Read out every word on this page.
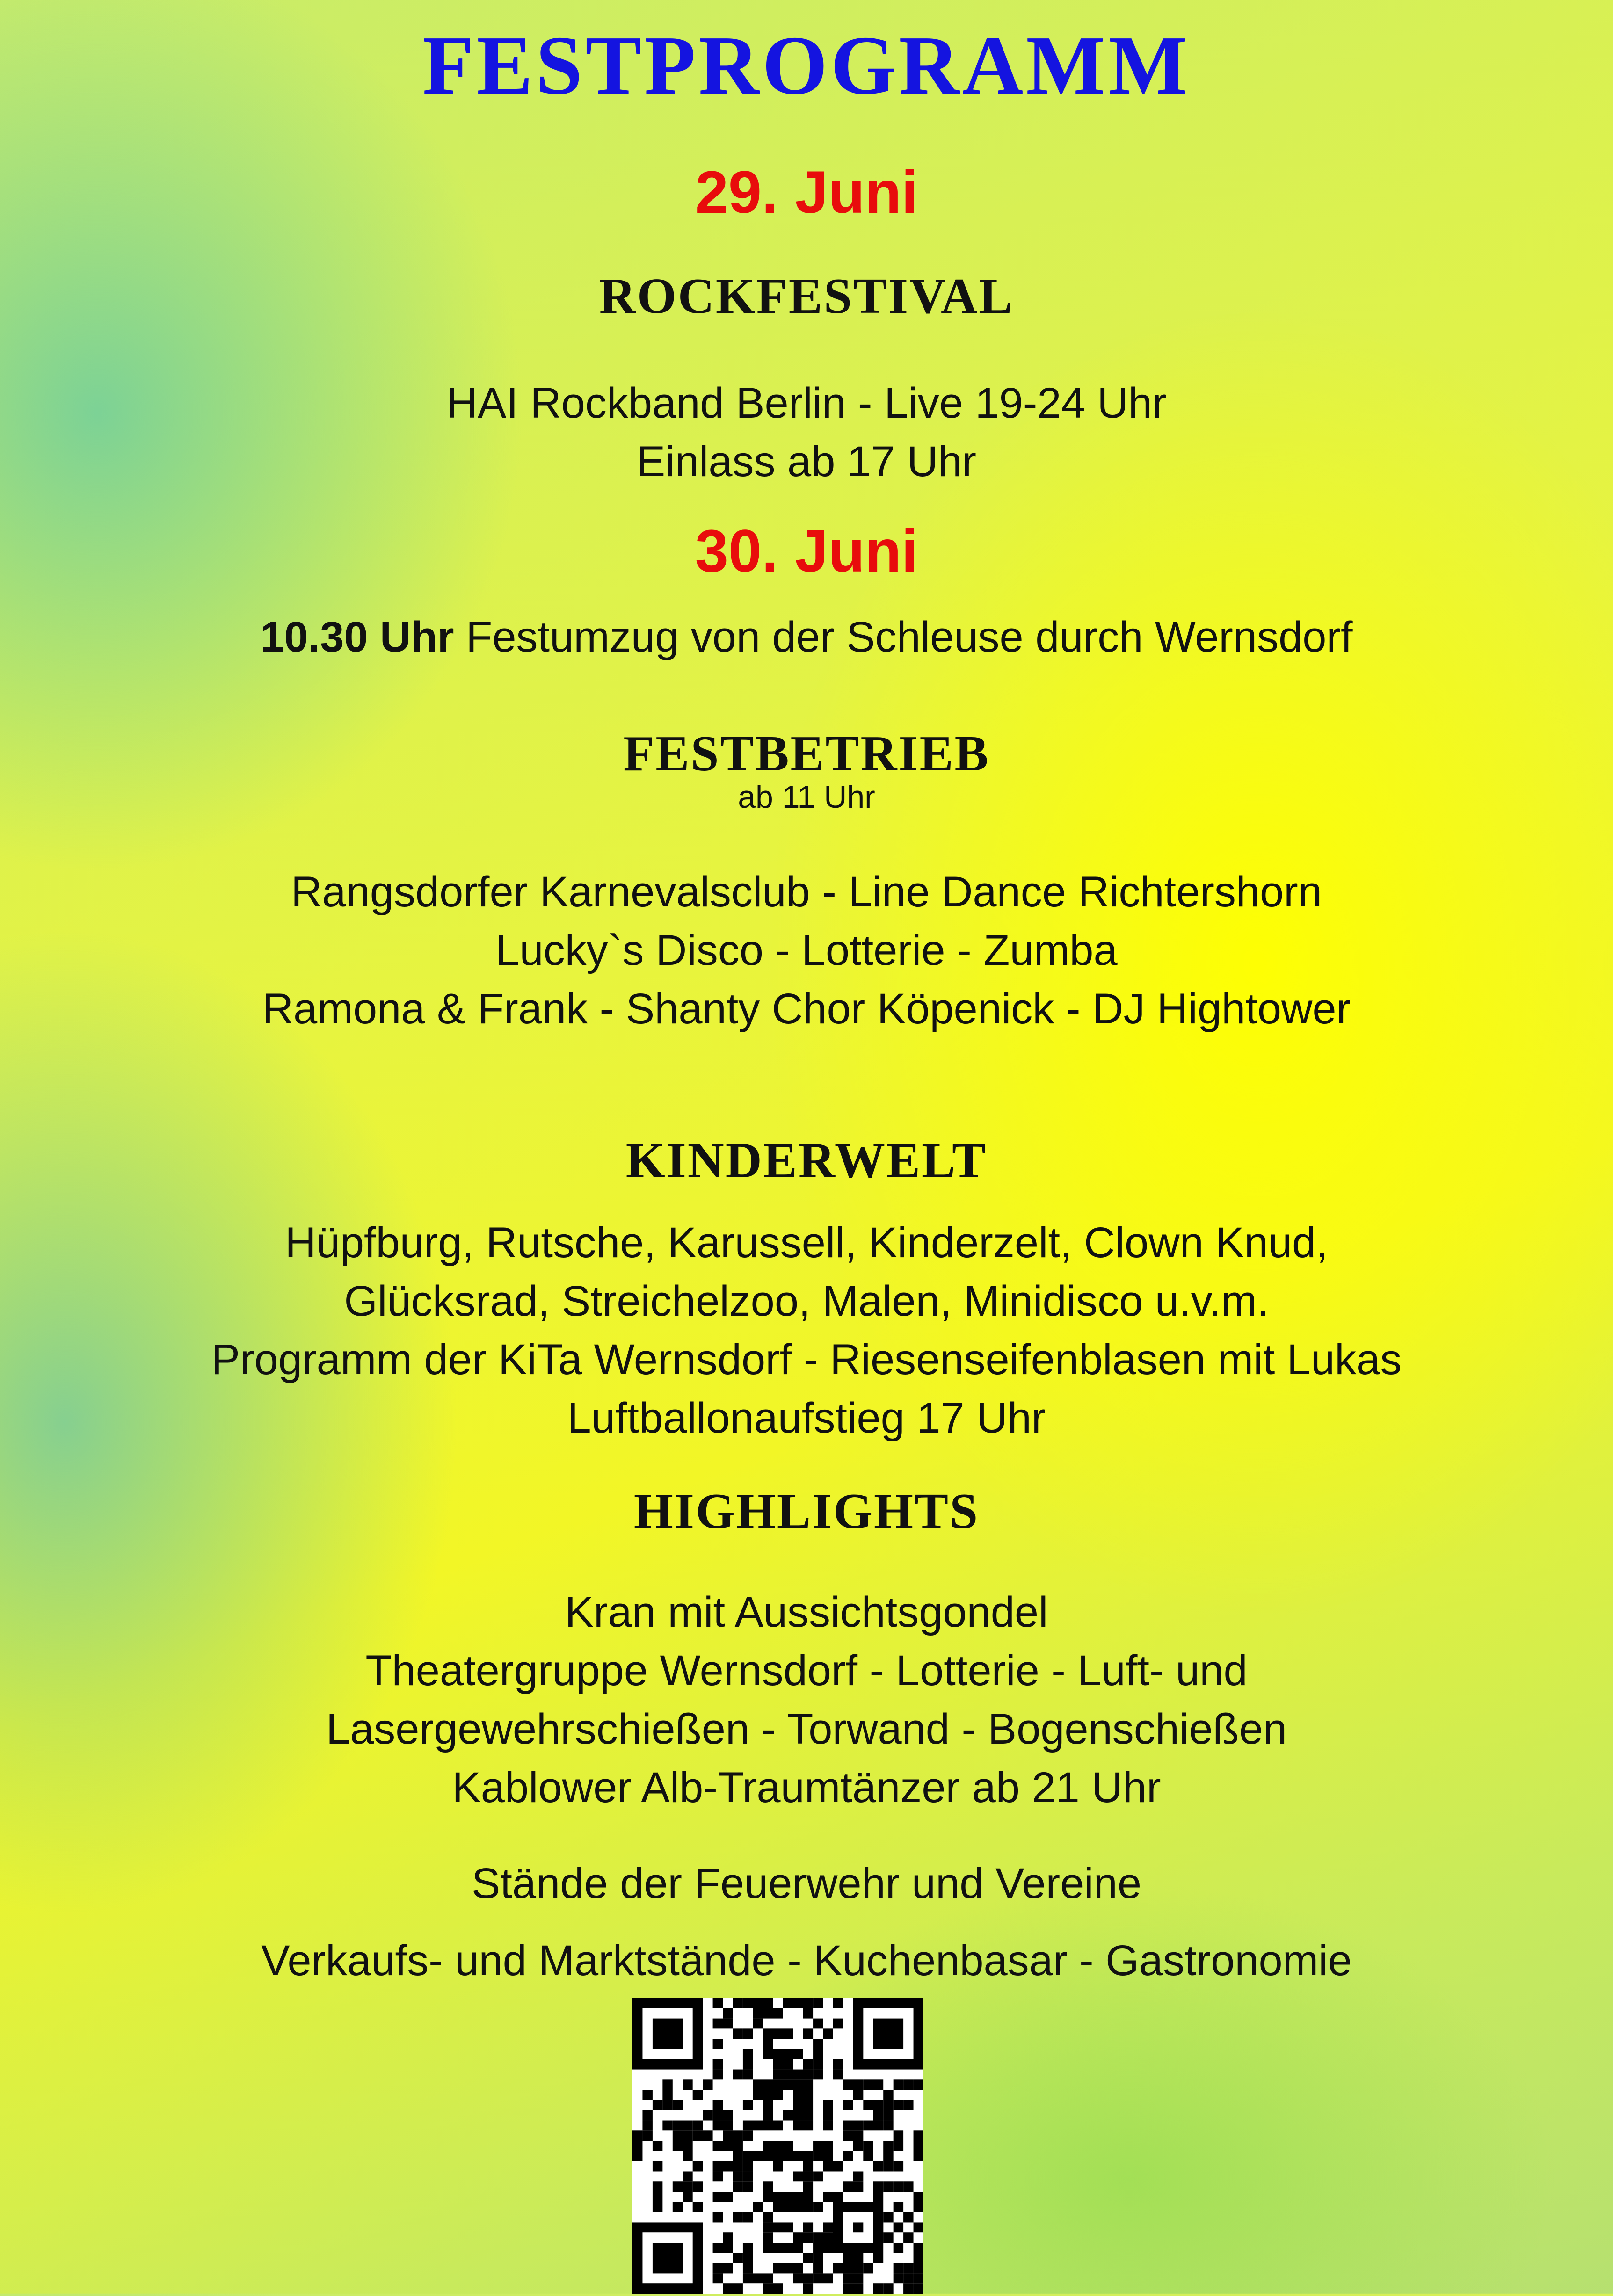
FESTPROGRAMM
29. Juni
ROCKFESTIVAL
HAI Rockband Berlin - Live 19-24 Uhr
Einlass ab 17 Uhr
30. Juni
10.30 Uhr Festumzug von der Schleuse durch Wernsdorf
FESTBETRIEB
ab 11 Uhr
Rangsdorfer Karnevalsclub - Line Dance Richtershorn
Lucky`s Disco - Lotterie - Zumba
Ramona & Frank - Shanty Chor Köpenick - DJ Hightower
KINDERWELT
Hüpfburg, Rutsche, Karussell, Kinderzelt, Clown Knud,
Glücksrad, Streichelzoo, Malen, Minidisco u.v.m.
Programm der KiTa Wernsdorf - Riesenseifenblasen mit Lukas
Luftballonaufstieg 17 Uhr
HIGHLIGHTS
Kran mit Aussichtsgondel
Theatergruppe Wernsdorf - Lotterie - Luft- und
Lasergewehrschießen - Torwand - Bogenschießen
Kablower Alb-Traumtänzer ab 21 Uhr
Stände der Feuerwehr und Vereine
Verkaufs- und Marktstände - Kuchenbasar - Gastronomie
